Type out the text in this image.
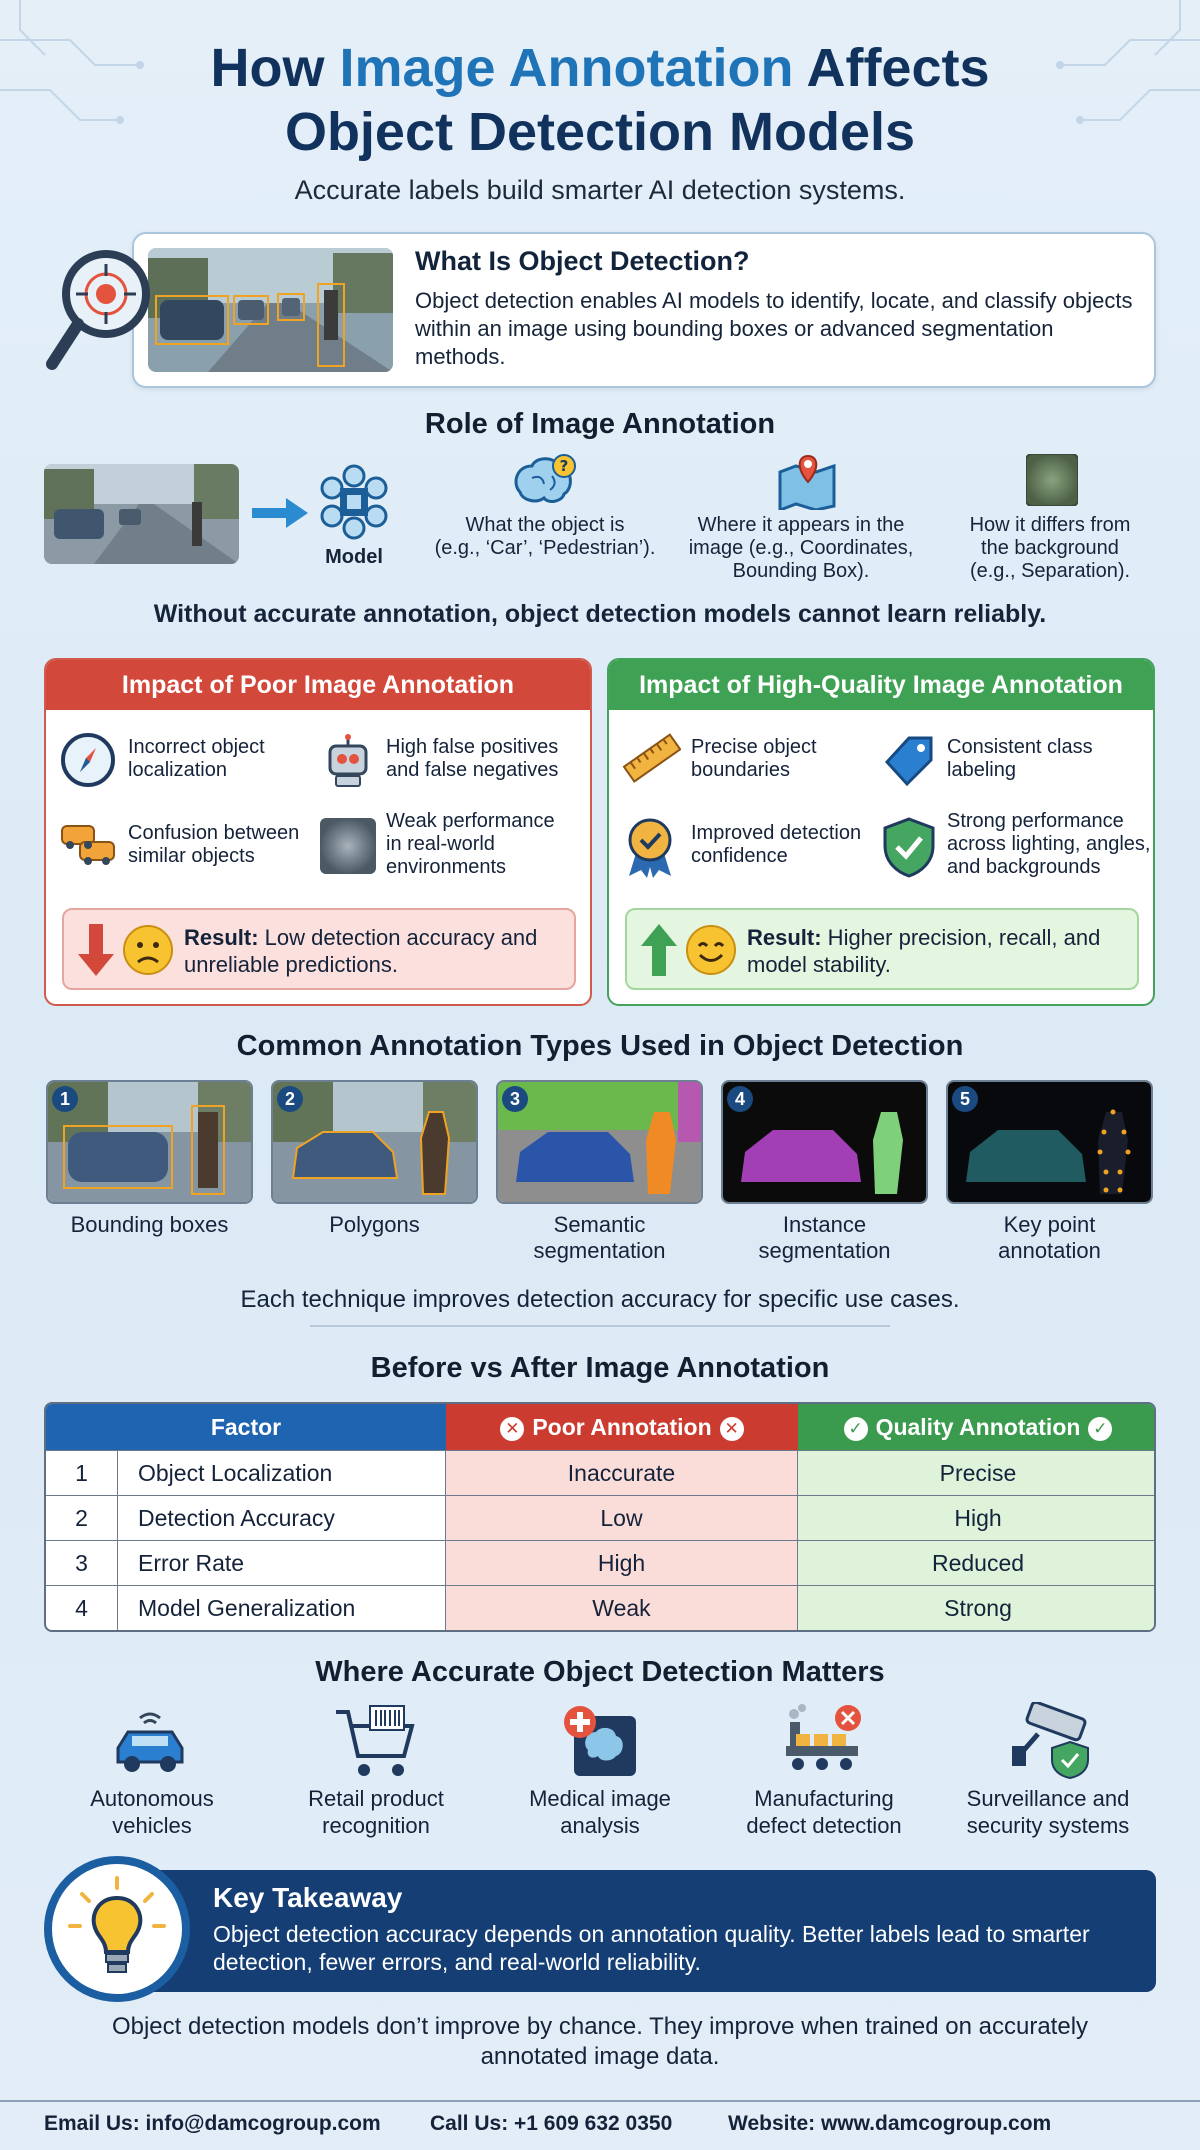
How Image Annotation Affects
Object Detection Models
Accurate labels build smarter AI detection systems.
What Is Object Detection?
Object detection enables AI models to identify, locate, and classify objects within an image using bounding boxes or advanced segmentation methods.
Role of Image Annotation
Model
?
What the object is
(e.g., ‘Car’, ‘Pedestrian’).
Where it appears in the
image (e.g., Coordinates,
Bounding Box).
How it differs from
the background
(e.g., Separation).
Without accurate annotation, object detection models cannot learn reliably.
Impact of Poor Image Annotation
Incorrect object
localization
High false positives
and false negatives
Confusion between
similar objects
Weak performance
in real-world
environments
Result: Low detection accuracy and unreliable predictions.
Impact of High-Quality Image Annotation
Precise object
boundaries
Consistent class
labeling
Improved detection
confidence
Strong performance
across lighting, angles,
and backgrounds
Result: Higher precision, recall, and model stability.
Common Annotation Types Used in Object Detection
1	2	3	4	5
Bounding boxes	Polygons	Semantic
segmentation
Instance
segmentation
Key point
annotation
Each technique improves detection accuracy for specific use cases.
Before vs After Image Annotation
Factor	✕ Poor Annotation ✕	✓ Quality Annotation ✓
1	Object Localization	Inaccurate	Precise
2	Detection Accuracy	Low	High
3	Error Rate	High	Reduced
4	Model Generalization	Weak	Strong
Where Accurate Object Detection Matters
Autonomous
vehicles
Retail product
recognition
Medical image
analysis
Manufacturing
defect detection
Surveillance and
security systems
Key Takeaway
Object detection accuracy depends on annotation quality. Better labels lead to smarter detection, fewer errors, and real-world reliability.
Object detection models don’t improve by chance. They improve when trained on accurately annotated image data.
Email Us: info@damcogroup.com Call Us: +1 609 632 0350	Website: www.damcogroup.com
